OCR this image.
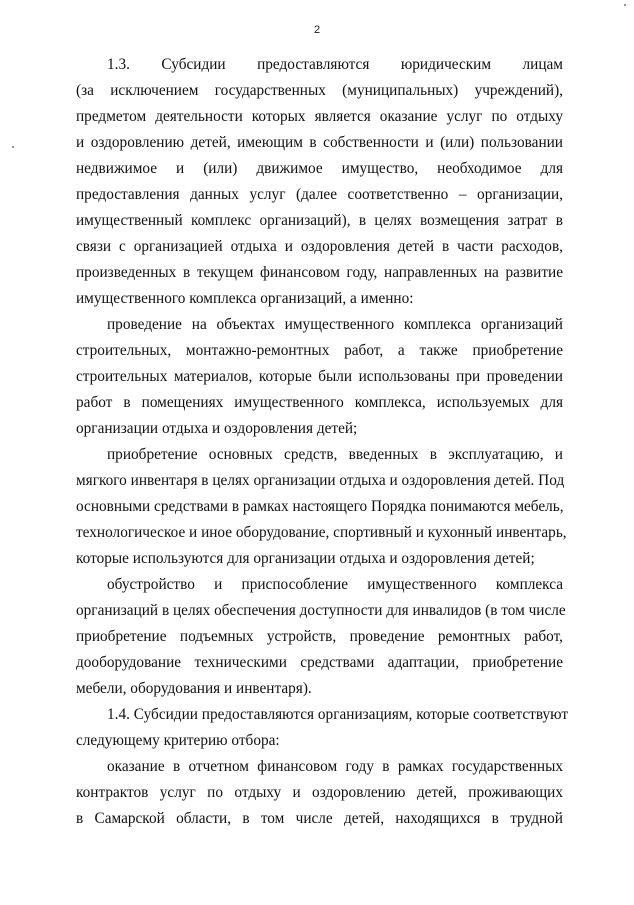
2
1.3. Субсидии предоставляются юридическим лицам
(за исключением государственных (муниципальных) учреждений),
предметом деятельности которых является оказание услуг по отдыху
и оздоровлению детей, имеющим в собственности и (или) пользовании
недвижимое и (или) движимое имущество, необходимое для
предоставления данных услуг (далее соответственно – организации,
имущественный комплекс организаций), в целях возмещения затрат в
связи с организацией отдыха и оздоровления детей в части расходов,
произведенных в текущем финансовом году, направленных на развитие
имущественного комплекса организаций, а именно:
проведение на объектах имущественного комплекса организаций
строительных, монтажно-ремонтных работ, а также приобретение
строительных материалов, которые были использованы при проведении
работ в помещениях имущественного комплекса, используемых для
организации отдыха и оздоровления детей;
приобретение основных средств, введенных в эксплуатацию, и
мягкого инвентаря в целях организации отдыха и оздоровления детей. Под
основными средствами в рамках настоящего Порядка понимаются мебель,
технологическое и иное оборудование, спортивный и кухонный инвентарь,
которые используются для организации отдыха и оздоровления детей;
обустройство и приспособление имущественного комплекса
организаций в целях обеспечения доступности для инвалидов (в том числе
приобретение подъемных устройств, проведение ремонтных работ,
дооборудование техническими средствами адаптации, приобретение
мебели, оборудования и инвентаря).
1.4. Субсидии предоставляются организациям, которые соответствуют
следующему критерию отбора:
оказание в отчетном финансовом году в рамках государственных
контрактов услуг по отдыху и оздоровлению детей, проживающих
в Самарской области, в том числе детей, находящихся в трудной
